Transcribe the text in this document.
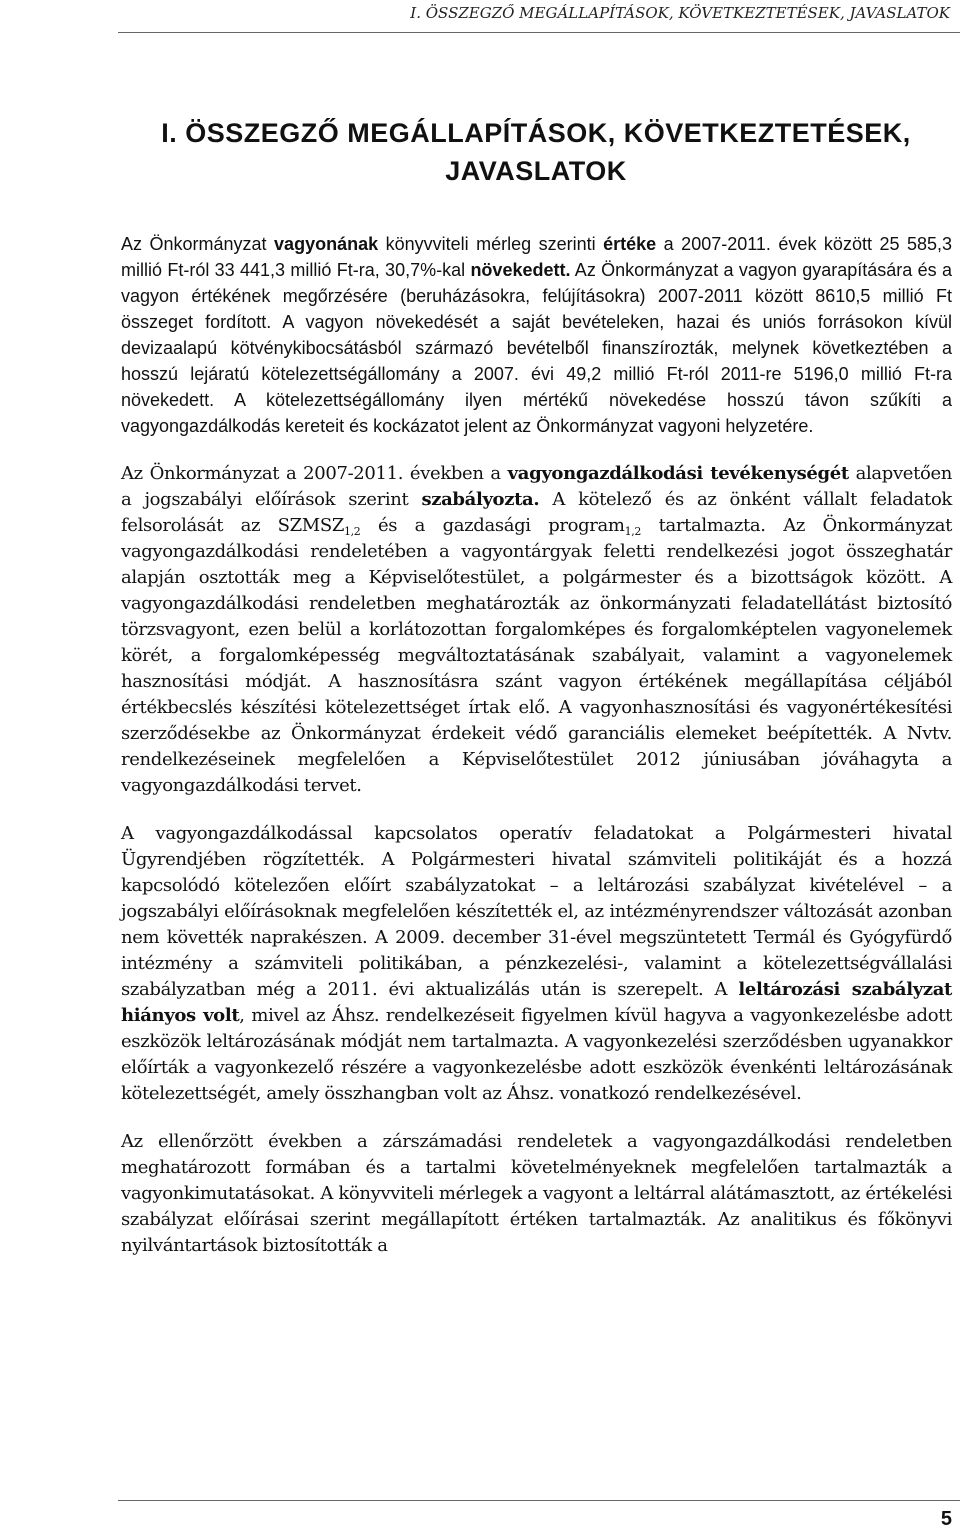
I. ÖSSZEGZŐ MEGÁLLAPÍTÁSOK, KÖVETKEZTETÉSEK, JAVASLATOK
I. ÖSSZEGZŐ MEGÁLLAPÍTÁSOK, KÖVETKEZTETÉSEK,
JAVASLATOK

Az Önkormányzat vagyonának könyvviteli mérleg szerinti értéke a 2007-2011. évek között 25 585,3 millió Ft-ról 33 441,3 millió Ft-ra, 30,7%-kal növekedett. Az Önkormányzat a vagyon gyarapítására és a vagyon értékének megőrzésére (beruházásokra, felújításokra) 2007-2011 között 8610,5 millió Ft összeget fordított. A vagyon növekedését a saját bevételeken, hazai és uniós forrásokon kívül devizaalapú kötvénykibocsátásból származó bevételből finanszírozták, melynek következtében a hosszú lejáratú kötelezettségállomány a 2007. évi 49,2 millió Ft-ról 2011-re 5196,0 millió Ft-ra növekedett. A kötelezettségállomány ilyen mértékű növekedése hosszú távon szűkíti a vagyongazdálkodás kereteit és kockázatot jelent az Önkormányzat vagyoni helyzetére.

Az Önkormányzat a 2007-2011. években a vagyongazdálkodási tevékenységét alapvetően a jogszabályi előírások szerint szabályozta. A kötelező és az önként vállalt feladatok felsorolását az $SZMSZ_{1,2}$ és a gazdasági program$_{1,2}$ tartalmazta. Az Önkormányzat vagyongazdálkodási rendeletében a vagyontárgyak feletti rendelkezési jogot összeghatár alapján osztották meg a Képviselőtestület, a polgármester és a bizottságok között. A vagyongazdálkodási rendeletben meghatározták az önkormányzati feladatellátást biztosító törzsvagyont, ezen belül a korlátozottan forgalomképes és forgalomképtelen vagyonelemek körét, a forgalomképesség megváltoztatásának szabályait, valamint a vagyonelemek hasznosítási módját. A hasznosításra szánt vagyon értékének megállapítása céljából értékbecslés készítési kötelezettséget írtak elő. A vagyonhasznosítási és vagyonértékesítési szerződésekbe az Önkormányzat érdekeit védő garanciális elemeket beépítették. A Nvtv. rendelkezéseinek megfelelően a Képviselőtestület 2012 júniusában jóváhagyta a vagyongazdálkodási tervet.

A vagyongazdálkodással kapcsolatos operatív feladatokat a Polgármesteri hivatal Ügyrendjében rögzítették. A Polgármesteri hivatal számviteli politikáját és a hozzá kapcsolódó kötelezően előírt szabályzatokat – a leltározási szabályzat kivételével – a jogszabályi előírásoknak megfelelően készítették el, az intézményrendszer változását azonban nem követték naprakészen. A 2009. december 31-ével megszüntetett Termál és Gyógyfürdő intézmény a számviteli politikában, a pénzkezelési-, valamint a kötelezettségvállalási szabályzatban még a 2011. évi aktualizálás után is szerepelt. A leltározási szabályzat hiányos volt, mivel az Áhsz. rendelkezéseit figyelmen kívül hagyva a vagyonkezelésbe adott eszközök leltározásának módját nem tartalmazta. A vagyonkezelési szerződésben ugyanakkor előírták a vagyonkezelő részére a vagyonkezelésbe adott eszközök évenkénti leltározásának kötelezettségét, amely összhangban volt az Áhsz. vonatkozó rendelkezésével.

Az ellenőrzött években a zárszámadási rendeletek a vagyongazdálkodási rendeletben meghatározott formában és a tartalmi követelményeknek megfelelően tartalmazták a vagyonkimutatásokat. A könyvviteli mérlegek a vagyont a leltárral alátámasztott, az értékelési szabályzat előírásai szerint megállapított értéken tartalmazták. Az analitikus és főkönyvi nyilvántartások biztosították a

5
